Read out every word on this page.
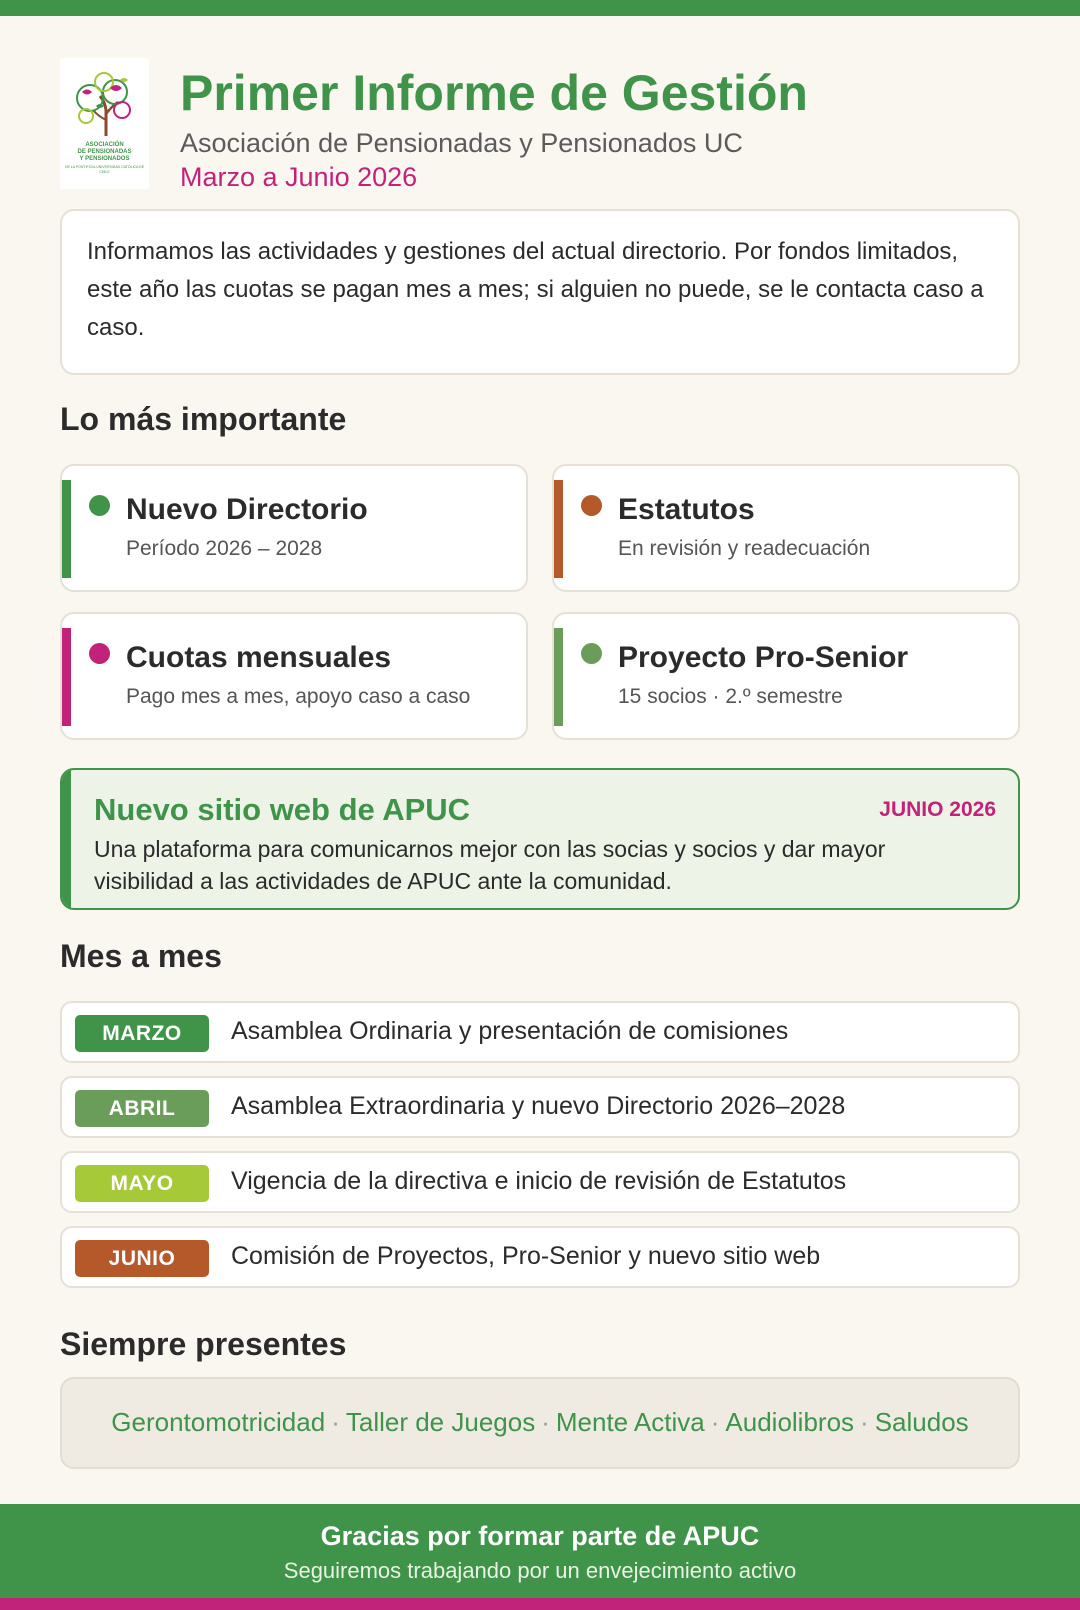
ASOCIACIÓN
DE PENSIONADAS
Y PENSIONADOS
DE LA PONTIFICIA UNIVERSIDAD CATÓLICA DE CHILE
Primer Informe de Gestión
Asociación de Pensionadas y Pensionados UC
Marzo a Junio 2026
Informamos las actividades y gestiones del actual directorio. Por fondos limitados, este año las cuotas se pagan mes a mes; si alguien no puede, se le contacta caso a caso.
Lo más importante
Nuevo Directorio
Período 2026 – 2028
Estatutos
En revisión y readecuación
Cuotas mensuales
Pago mes a mes, apoyo caso a caso
Proyecto Pro-Senior
15 socios · 2.º semestre
Nuevo sitio web de APUC	JUNIO 2026
Una plataforma para comunicarnos mejor con las socias y socios y dar mayor visibilidad a las actividades de APUC ante la comunidad.
Mes a mes
MARZO	Asamblea Ordinaria y presentación de comisiones
ABRIL	Asamblea Extraordinaria y nuevo Directorio 2026–2028
MAYO	Vigencia de la directiva e inicio de revisión de Estatutos
JUNIO	Comisión de Proyectos, Pro-Senior y nuevo sitio web
Siempre presentes
Gerontomotricidad · Taller de Juegos · Mente Activa · Audiolibros · Saludos
Gracias por formar parte de APUC
Seguiremos trabajando por un envejecimiento activo
